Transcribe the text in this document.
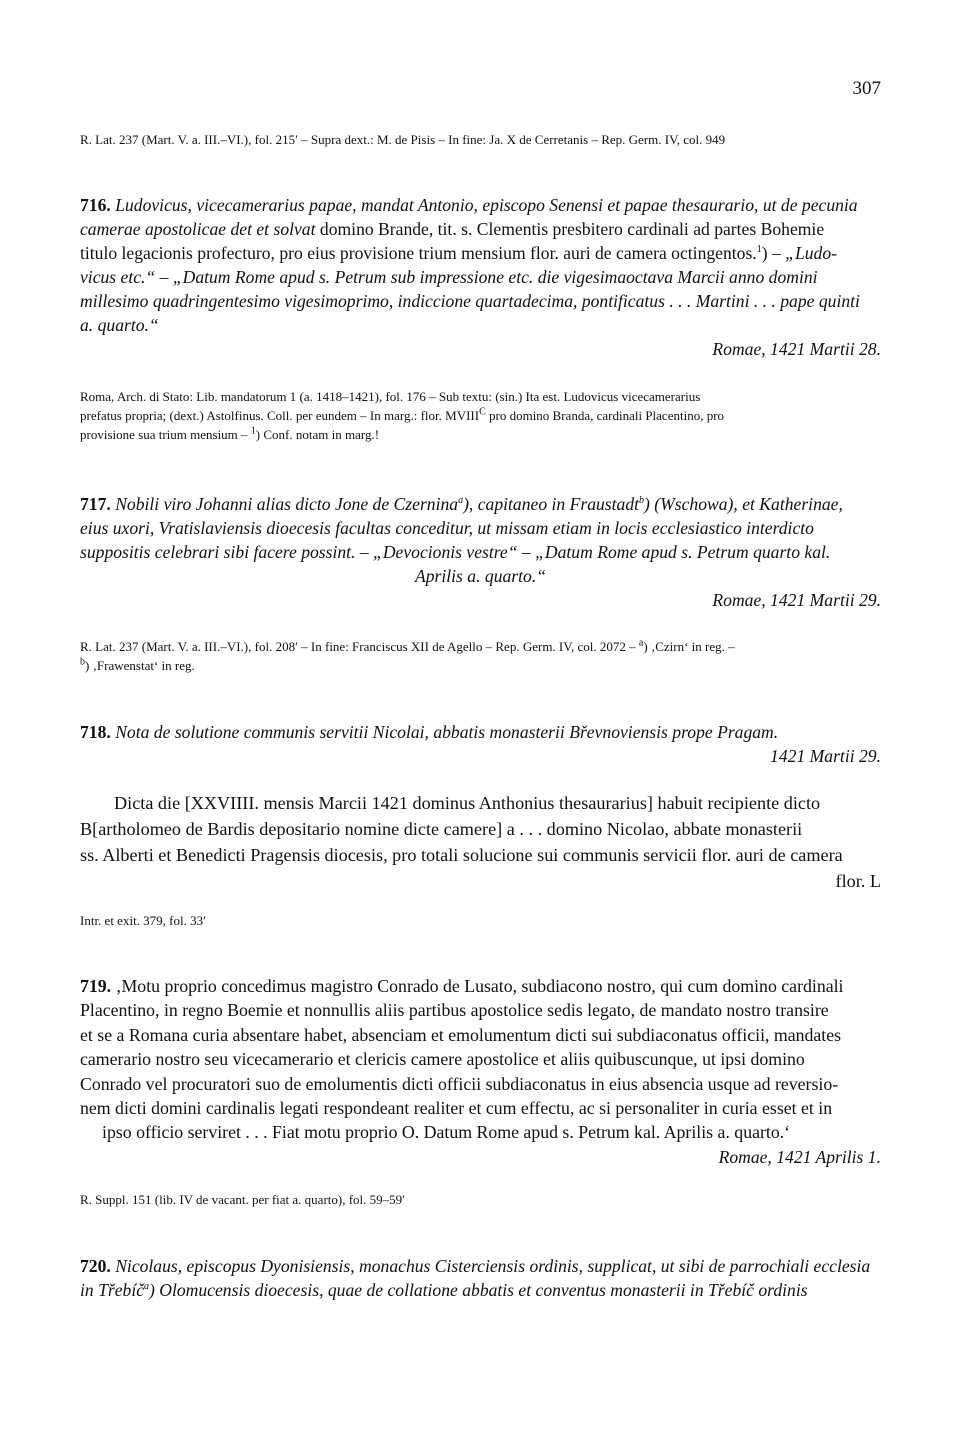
307

R. Lat. 237 (Mart. V. a. III.–VI.), fol. 215′ – Supra dext.: M. de Pisis – In fine: Ja. X de Cerretanis – Rep. Germ. IV, col. 949

716. Ludovicus, vicecamerarius papae, mandat Antonio, episcopo Senensi et papae thesaurario, ut de pecunia

camerae apostolicae det et solvat domino Brande, tit. s. Clementis presbitero cardinali ad partes Bohemie

titulo legacionis profecturo, pro eius provisione trium mensium flor. auri de camera octingentos.$^1$) – „Ludo-

vicus etc.“ – „Datum Rome apud s. Petrum sub impressione etc. die vigesimaoctava Marcii anno domini

millesimo quadringentesimo vigesimoprimo, indiccione quartadecima, pontificatus . . . Martini . . . pape quinti

a. quarto.“

Romae, 1421 Martii 28.

Roma, Arch. di Stato: Lib. mandatorum 1 (a. 1418–1421), fol. 176 – Sub textu: (sin.) Ita est. Ludovicus vicecamerarius

prefatus propria; (dext.) Astolfinus. Coll. per eundem – In marg.: flor. $MVIII^C$ pro domino Branda, cardinali Placentino, pro

provisione sua trium mensium – $^1$) Conf. notam in marg.!

717. Nobili viro Johanni alias dicto Jone de Czernina$^a$), capitaneo in Fraustadt$^b$) (Wschowa), et Katherinae,

eius uxori, Vratislaviensis dioecesis facultas conceditur, ut missam etiam in locis ecclesiastico interdicto

suppositis celebrari sibi facere possint. – „Devocionis vestre“ – „Datum Rome apud s. Petrum quarto kal.

Aprilis a. quarto.“

Romae, 1421 Martii 29.

R. Lat. 237 (Mart. V. a. III.–VI.), fol. 208′ – In fine: Franciscus XII de Agello – Rep. Germ. IV, col. 2072 – $^a$) ‚Czirn‘ in reg. –

$^b$) ‚Frawenstat‘ in reg.

718. Nota de solutione communis servitii Nicolai, abbatis monasterii Břevnoviensis prope Pragam.

1421 Martii 29.

Dicta die [XXVIIII. mensis Marcii 1421 dominus Anthonius thesaurarius] habuit recipiente dicto

B[artholomeo de Bardis depositario nomine dicte camere] a . . . domino Nicolao, abbate monasterii

ss. Alberti et Benedicti Pragensis diocesis, pro totali solucione sui communis servicii flor. auri de camera

flor. L

Intr. et exit. 379, fol. 33′

719. ‚Motu proprio concedimus magistro Conrado de Lusato, subdiacono nostro, qui cum domino cardinali

Placentino, in regno Boemie et nonnullis aliis partibus apostolice sedis legato, de mandato nostro transire

et se a Romana curia absentare habet, absenciam et emolumentum dicti sui subdiaconatus officii, mandates

camerario nostro seu vicecamerario et clericis camere apostolice et aliis quibuscunque, ut ipsi domino

Conrado vel procuratori suo de emolumentis dicti officii subdiaconatus in eius absencia usque ad reversio-

nem dicti domini cardinalis legati respondeant realiter et cum effectu, ac si personaliter in curia esset et in

ipso officio serviret . . . Fiat motu proprio O. Datum Rome apud s. Petrum kal. Aprilis a. quarto.‘

Romae, 1421 Aprilis 1.

R. Suppl. 151 (lib. IV de vacant. per fiat a. quarto), fol. 59–59′

720. Nicolaus, episcopus Dyonisiensis, monachus Cisterciensis ordinis, supplicat, ut sibi de parrochiali ecclesia

in Třebíč$^a$) Olomucensis dioecesis, quae de collatione abbatis et conventus monasterii in Třebíč ordinis
